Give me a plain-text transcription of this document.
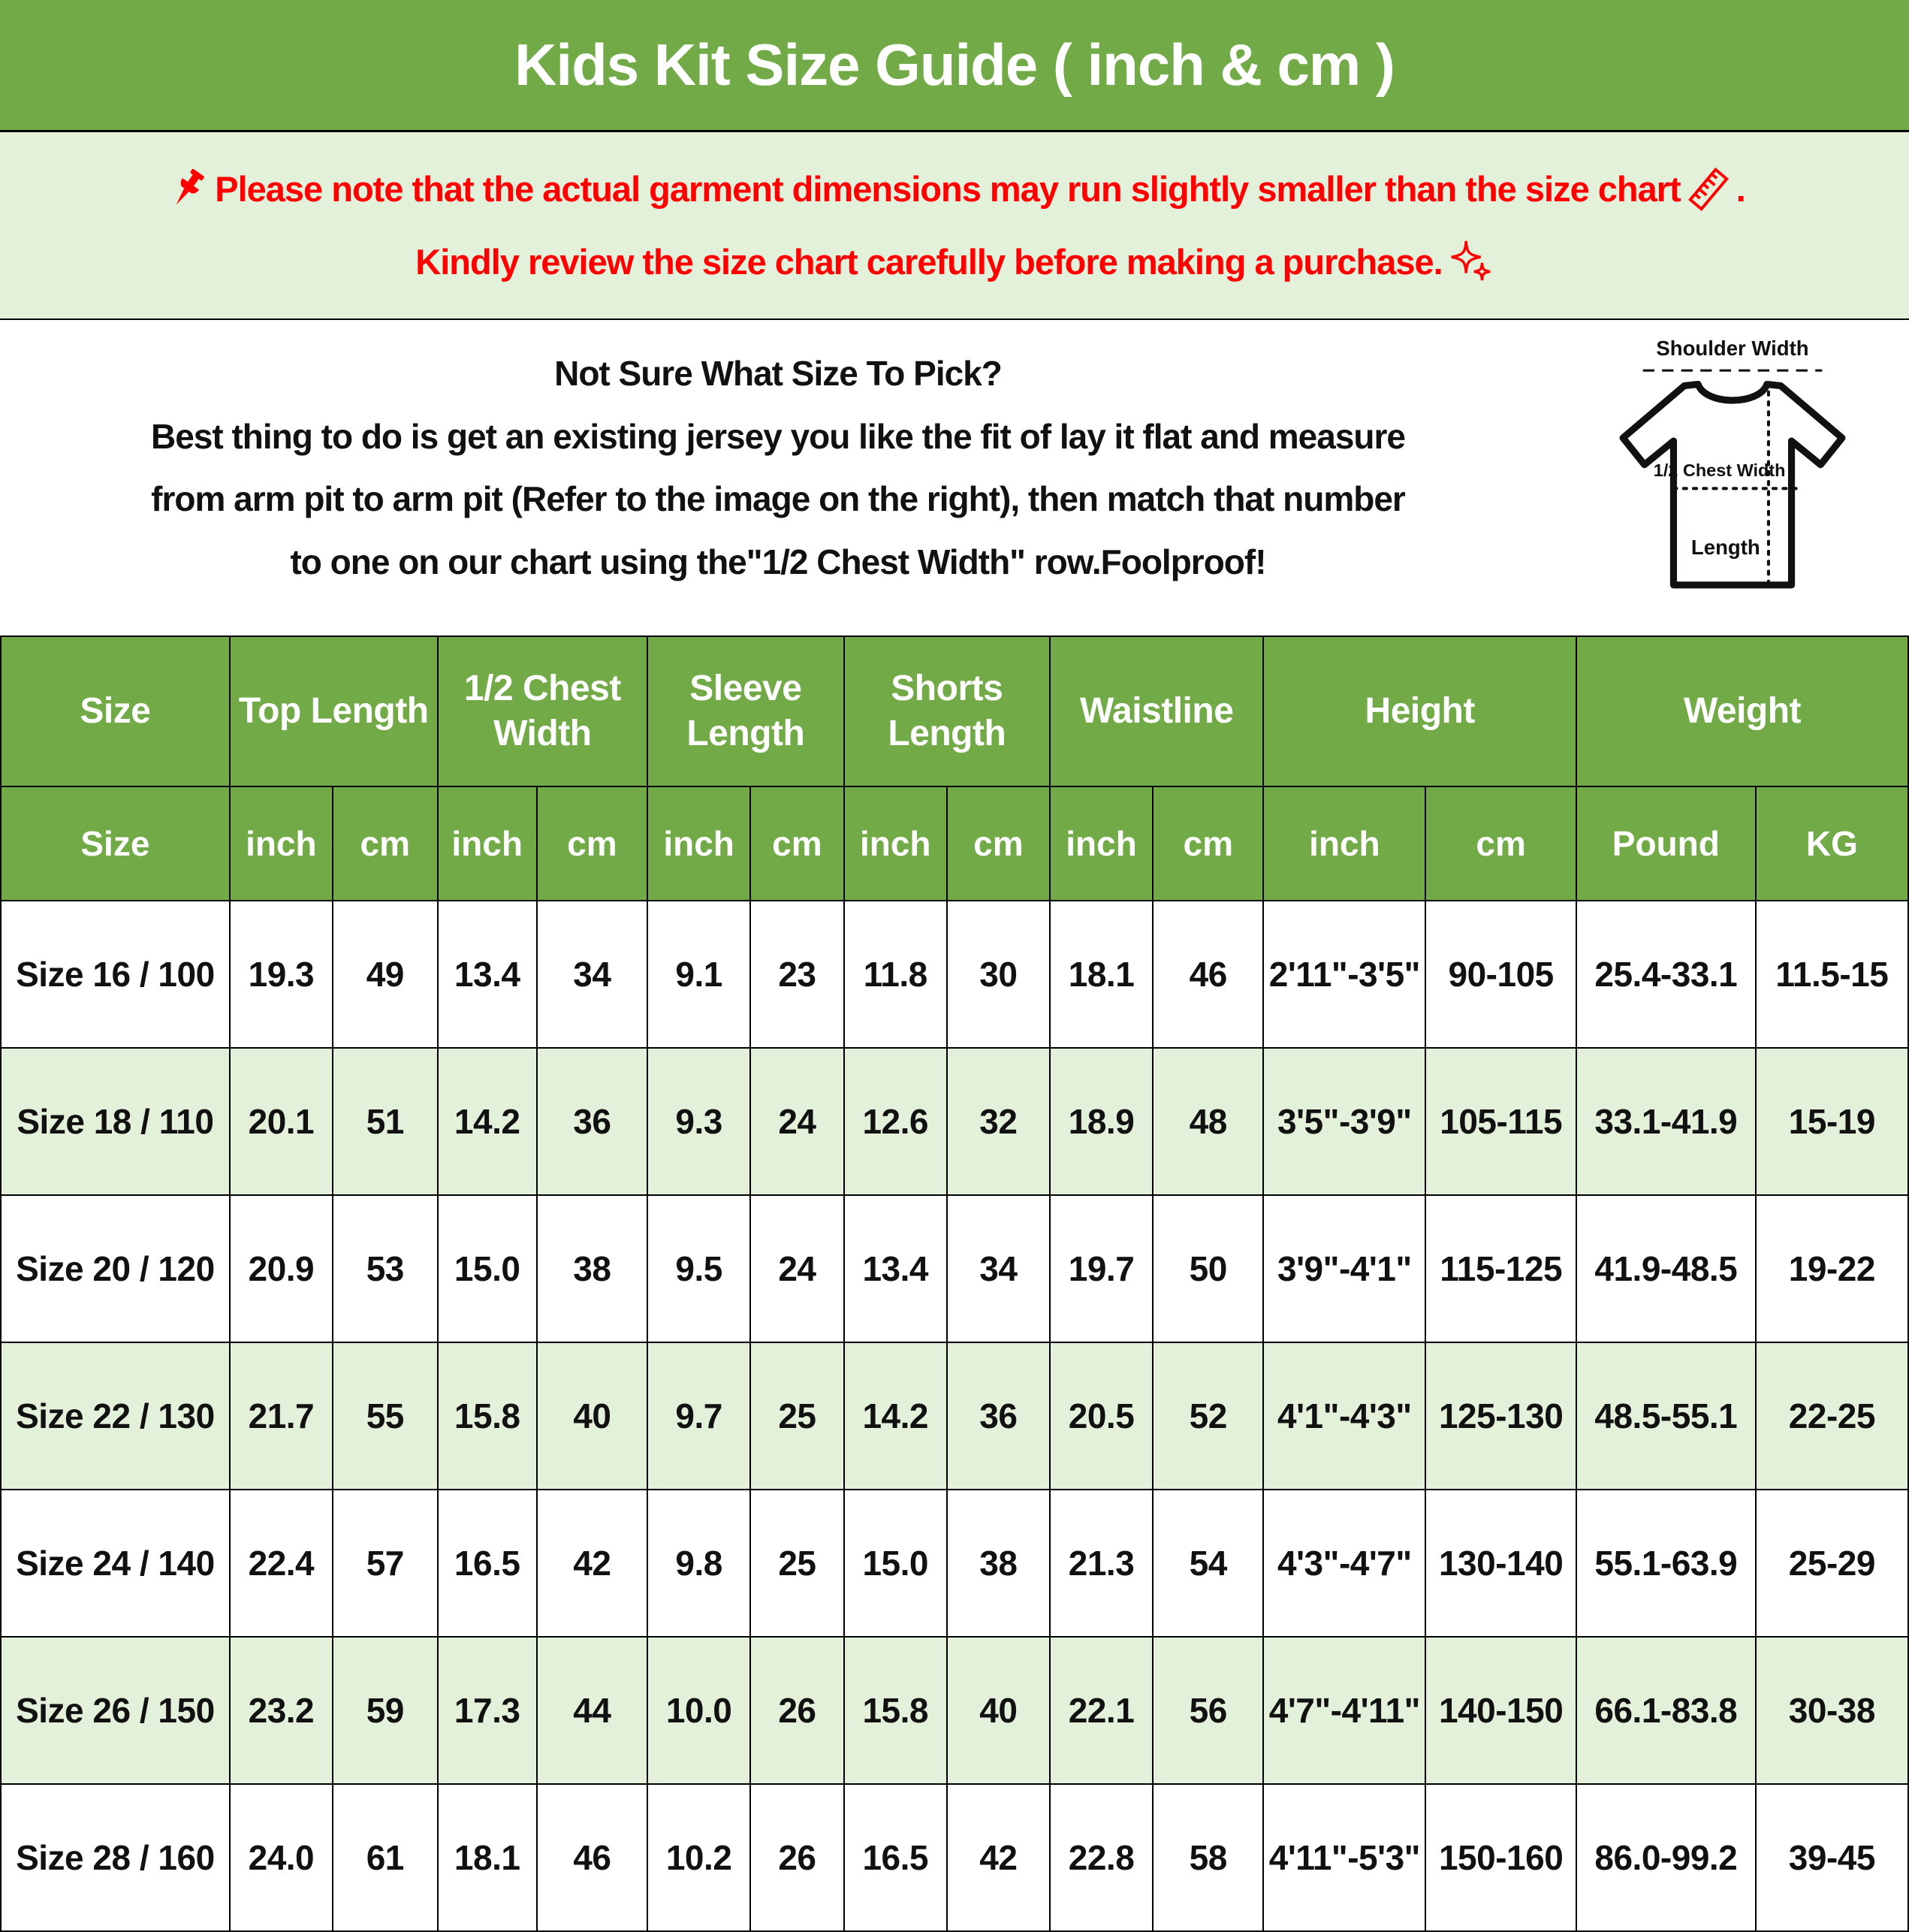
Kids Kit Size Guide ( inch & cm )
Please note that the actual garment dimensions may run slightly smaller than the size chart .
Kindly review the size chart carefully before making a purchase.
Not Sure What Size To Pick?
Best thing to do is get an existing jersey you like the fit of lay it flat and measure
from arm pit to arm pit (Refer to the image on the right), then match that number
to one on our chart using the"1/2 Chest Width" row.Foolproof!
Shoulder Width
1/2 Chest Width
Length
Size	Top Length		1/2 Chest Width		Sleeve Length		Shorts Length		Waistline		Height		Weight	
Size	inch	cm	inch	cm	inch	cm	inch	cm	inch	cm	inch	cm	Pound	KG
Size 16 / 100	19.3	49	13.4	34	9.1	23	11.8	30	18.1	46	2'11"-3'5"	90-105	25.4-33.1	11.5-15
Size 18 / 110	20.1	51	14.2	36	9.3	24	12.6	32	18.9	48	3'5"-3'9"	105-115	33.1-41.9	15-19
Size 20 / 120	20.9	53	15.0	38	9.5	24	13.4	34	19.7	50	3'9"-4'1"	115-125	41.9-48.5	19-22
Size 22 / 130	21.7	55	15.8	40	9.7	25	14.2	36	20.5	52	4'1"-4'3"	125-130	48.5-55.1	22-25
Size 24 / 140	22.4	57	16.5	42	9.8	25	15.0	38	21.3	54	4'3"-4'7"	130-140	55.1-63.9	25-29
Size 26 / 150	23.2	59	17.3	44	10.0	26	15.8	40	22.1	56	4'7"-4'11"	140-150	66.1-83.8	30-38
Size 28 / 160	24.0	61	18.1	46	10.2	26	16.5	42	22.8	58	4'11"-5'3"	150-160	86.0-99.2	39-45
